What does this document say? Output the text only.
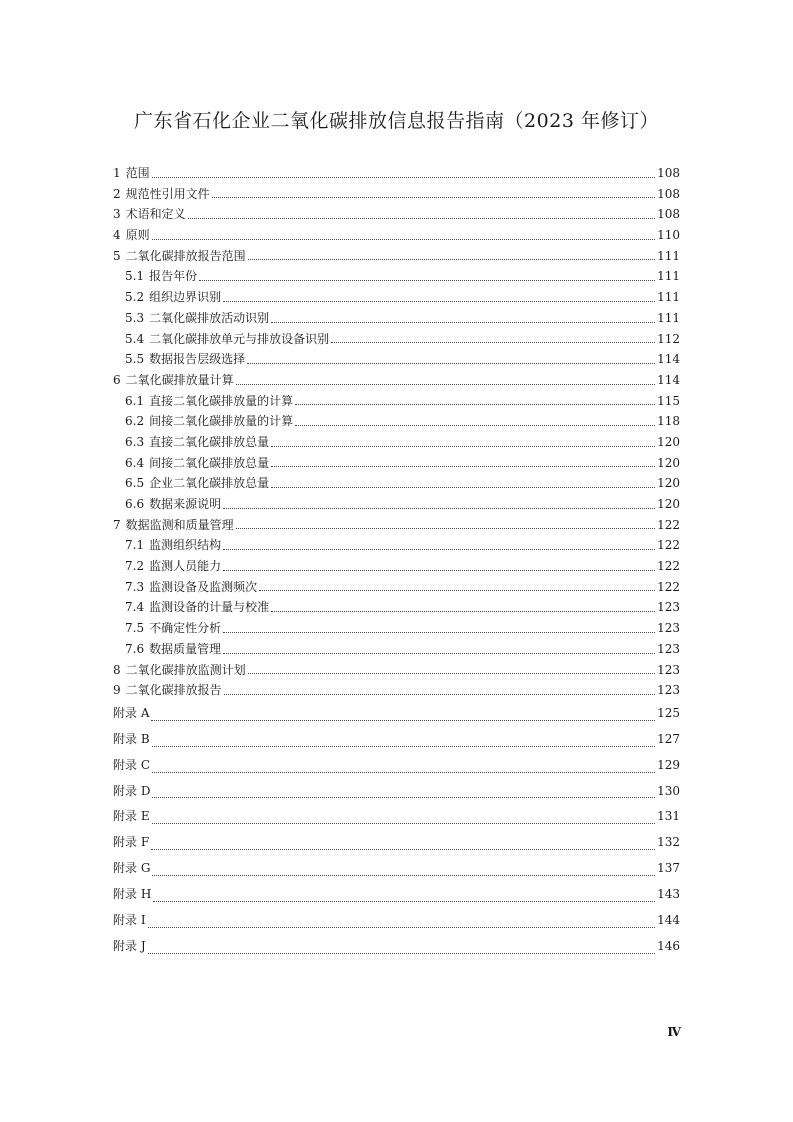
广东省石化企业二氧化碳排放信息报告指南（2023 年修订）
1 范围	108
2 规范性引用文件	108
3 术语和定义	108
4 原则	110
5 二氧化碳排放报告范围	111
5.1 报告年份	111
5.2 组织边界识别	111
5.3 二氧化碳排放活动识别	111
5.4 二氧化碳排放单元与排放设备识别	112
5.5 数据报告层级选择	114
6 二氧化碳排放量计算	114
6.1 直接二氧化碳排放量的计算	115
6.2 间接二氧化碳排放量的计算	118
6.3 直接二氧化碳排放总量	120
6.4 间接二氧化碳排放总量	120
6.5 企业二氧化碳排放总量	120
6.6 数据来源说明	120
7 数据监测和质量管理	122
7.1 监测组织结构	122
7.2 监测人员能力	122
7.3 监测设备及监测频次	122
7.4 监测设备的计量与校准	123
7.5 不确定性分析	123
7.6 数据质量管理	123
8 二氧化碳排放监测计划	123
9 二氧化碳排放报告	123
附录 A	125
附录 B	127
附录 C	129
附录 D	130
附录 E	131
附录 F	132
附录 G	137
附录 H	143
附录 I	144
附录 J	146
Ⅳ
